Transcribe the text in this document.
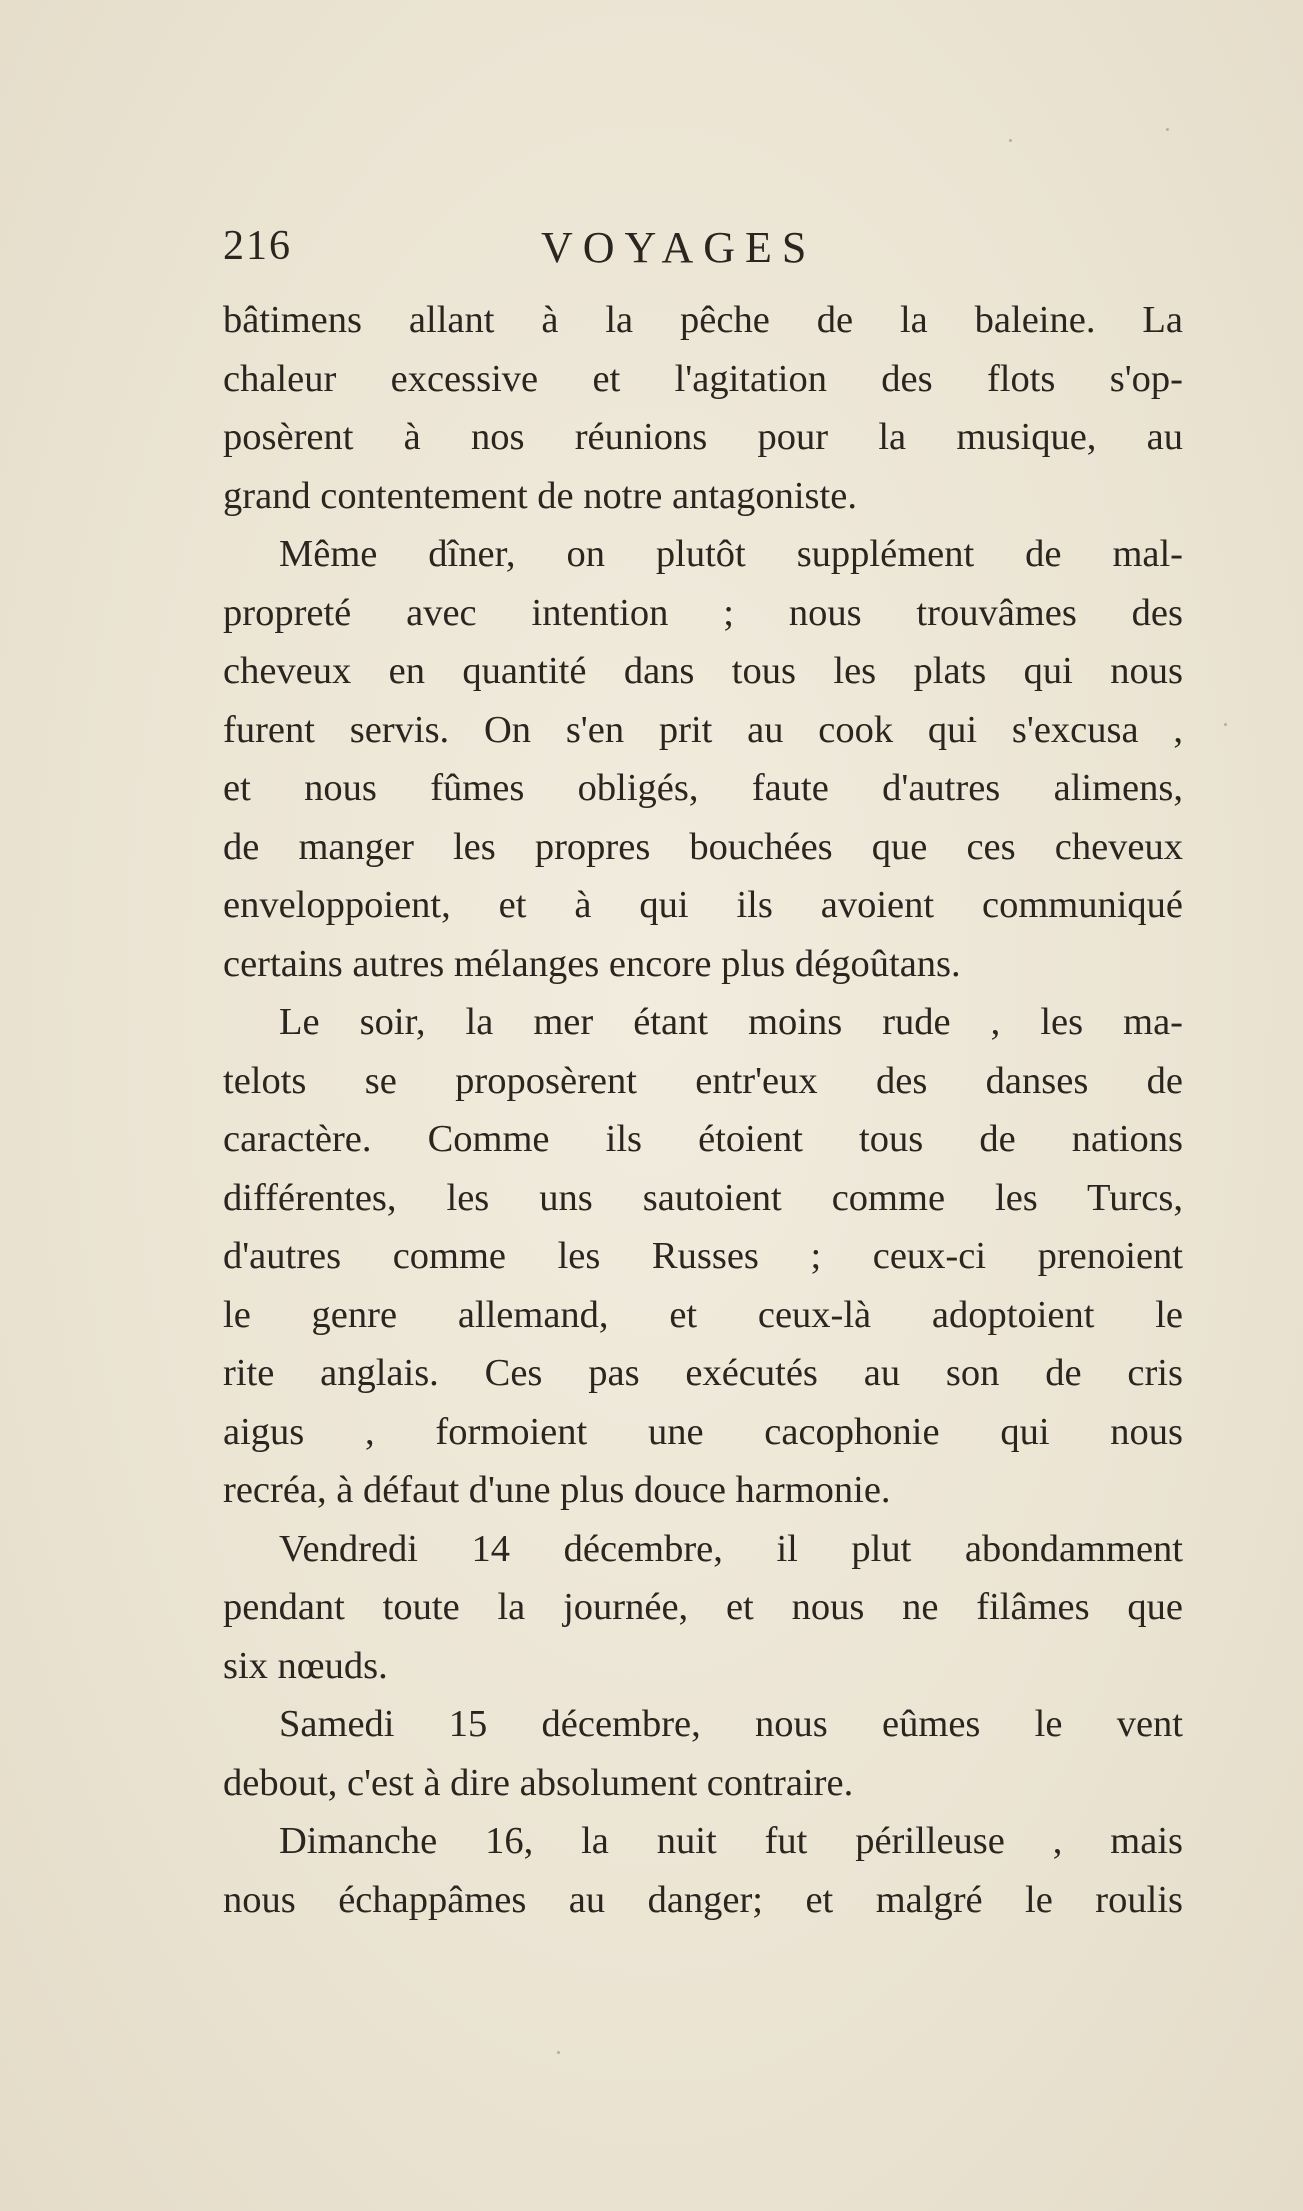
216	VOYAGES
bâtimens allant à la pêche de la baleine. La
chaleur excessive et l'agitation des flots s'op-
posèrent à nos réunions pour la musique, au
grand contentement de notre antagoniste.
Même dîner, on plutôt supplément de mal-
propreté avec intention ; nous trouvâmes des
cheveux en quantité dans tous les plats qui nous
furent servis. On s'en prit au cook qui s'excusa ,
et nous fûmes obligés, faute d'autres alimens,
de manger les propres bouchées que ces cheveux
enveloppoient, et à qui ils avoient communiqué
certains autres mélanges encore plus dégoûtans.
Le soir, la mer étant moins rude , les ma-
telots se proposèrent entr'eux des danses de
caractère. Comme ils étoient tous de nations
différentes, les uns sautoient comme les Turcs,
d'autres comme les Russes ; ceux-ci prenoient
le genre allemand, et ceux-là adoptoient le
rite anglais. Ces pas exécutés au son de cris
aigus , formoient une cacophonie qui nous
recréa, à défaut d'une plus douce harmonie.
Vendredi 14 décembre, il plut abondamment
pendant toute la journée, et nous ne filâmes que
six nœuds.
Samedi 15 décembre, nous eûmes le vent
debout, c'est à dire absolument contraire.
Dimanche 16, la nuit fut périlleuse , mais
nous échappâmes au danger; et malgré le roulis
